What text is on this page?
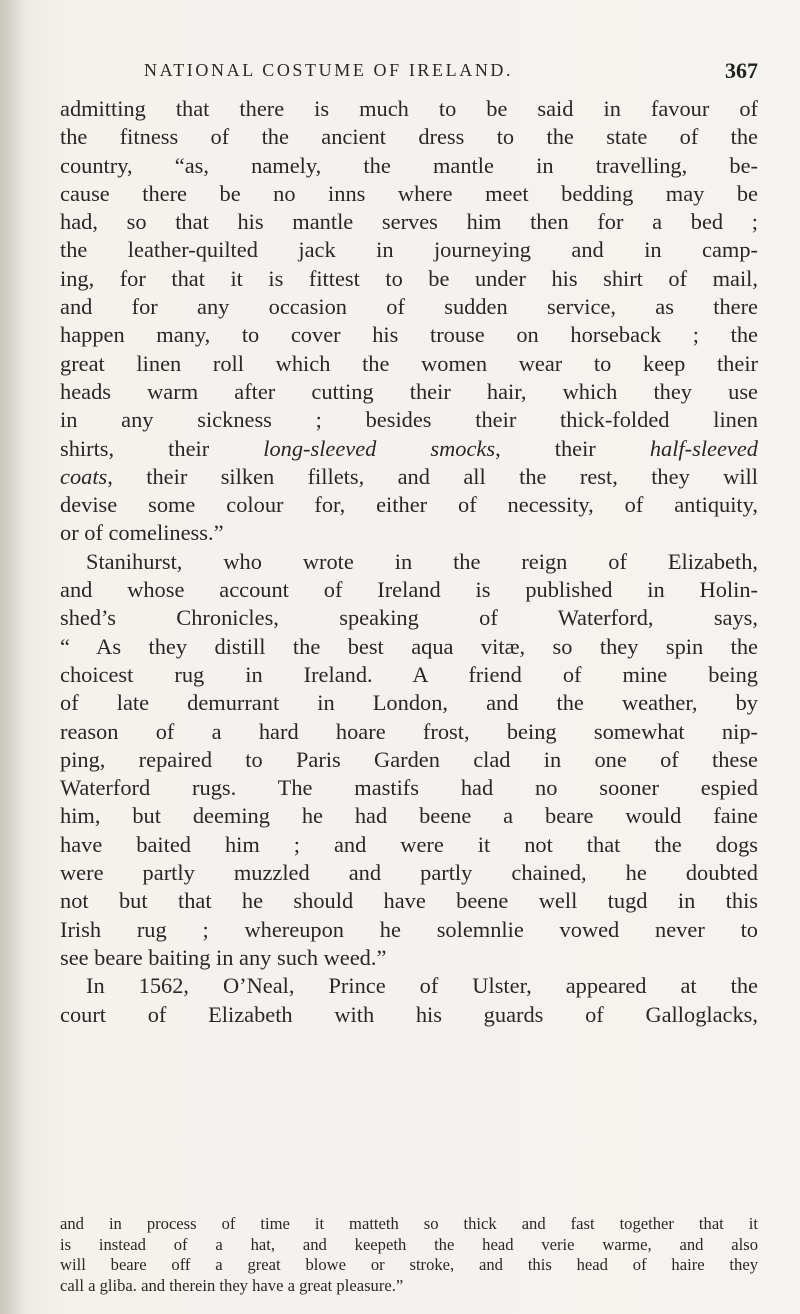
NATIONAL COSTUME OF IRELAND.	367
admitting that there is much to be said in favour of
the fitness of the ancient dress to the state of the
country, “as, namely, the mantle in travelling, be-
cause there be no inns where meet bedding may be
had, so that his mantle serves him then for a bed ;
the leather-quilted jack in journeying and in camp-
ing, for that it is fittest to be under his shirt of mail,
and for any occasion of sudden service, as there
happen many, to cover his trouse on horseback ; the
great linen roll which the women wear to keep their
heads warm after cutting their hair, which they use
in any sickness ; besides their thick-folded linen
shirts, their long-sleeved smocks, their half-sleeved
coats, their silken fillets, and all the rest, they will
devise some colour for, either of necessity, of antiquity,
or of comeliness.”
Stanihurst, who wrote in the reign of Elizabeth,
and whose account of Ireland is published in Holin-
shed’s Chronicles, speaking of Waterford, says,
“ As they distill the best aqua vitæ, so they spin the
choicest rug in Ireland. A friend of mine being
of late demurrant in London, and the weather, by
reason of a hard hoare frost, being somewhat nip-
ping, repaired to Paris Garden clad in one of these
Waterford rugs. The mastifs had no sooner espied
him, but deeming he had beene a beare would faine
have baited him ; and were it not that the dogs
were partly muzzled and partly chained, he doubted
not but that he should have beene well tugd in this
Irish rug ; whereupon he solemnlie vowed never to
see beare baiting in any such weed.”
In 1562, O’Neal, Prince of Ulster, appeared at the
court of Elizabeth with his guards of Galloglacks,
and in process of time it matteth so thick and fast together that it
is instead of a hat, and keepeth the head verie warme, and also
will beare off a great blowe or stroke, and this head of haire they
call a gliba. and therein they have a great pleasure.”
